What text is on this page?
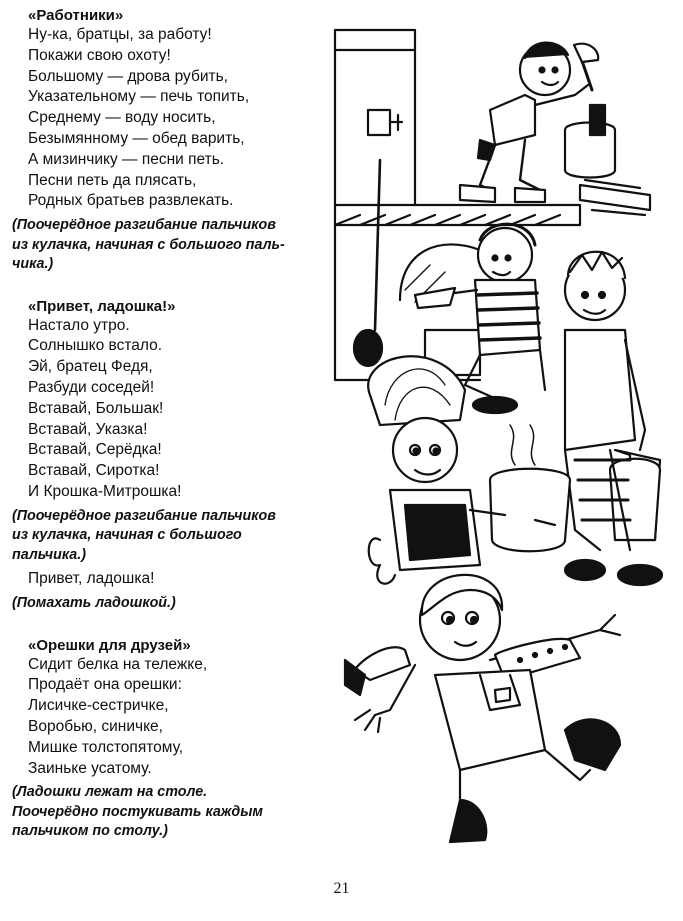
«Работники»
Ну-ка, братцы, за работу!
Покажи свою охоту!
Большому — дрова рубить,
Указательному — печь топить,
Среднему — воду носить,
Безымянному — обед варить,
А мизинчику — песни петь.
Песни петь да плясать,
Родных братьев развлекать.
(Поочерёдное разгибание пальчиков
из кулачка, начиная с большого паль-
чика.)
«Привет, ладошка!»
Настало утро.
Солнышко встало.
Эй, братец Федя,
Разбуди соседей!
Вставай, Большак!
Вставай, Указка!
Вставай, Серёдка!
Вставай, Сиротка!
И Крошка-Митрошка!
(Поочерёдное разгибание пальчиков
из кулачка, начиная с большого
пальчика.)
Привет, ладошка!
(Помахать ладошкой.)
«Орешки для друзей»
Сидит белка на тележке,
Продаёт она орешки:
Лисичке-сестричке,
Воробью, синичке,
Мишке толстопятому,
Заиньке усатому.
(Ладошки лежат на столе.
Поочерёдно постукивать каждым
пальчиком по столу.)
21
